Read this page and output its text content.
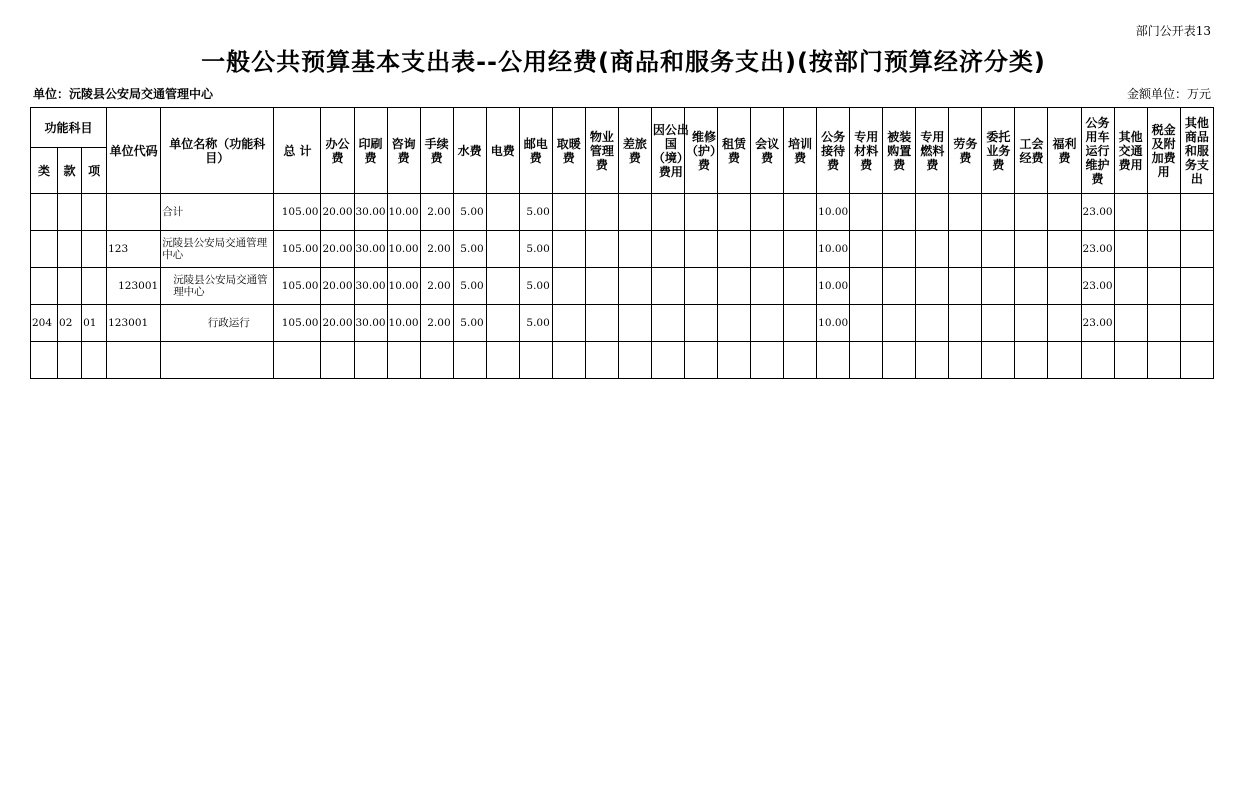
部门公开表13
一般公共预算基本支出表--公用经费(商品和服务支出)(按部门预算经济分类)
单位：沅陵县公安局交通管理中心	金额单位：万元
功能科目			单位代码	单位名称（功能科目）	总 计	办公费	印刷费	咨询费	手续费	水费	电费	邮电费	取暖费	物业管理费	差旅费	因公出国（境）费用	维修（护）费	租赁费	会议费	培训费	公务接待费	专用材料费	被装购置费	专用燃料费	劳务费	委托业务费	工会经费	福利费	公务用车运行维护费	其他交通费用	税金及附加费用	其他商品和服务支出
类	款	项																														
				合计	105.00	20.00	30.00	10.00	2.00	5.00		5.00									10.00								23.00			
			123	沅陵县公安局交通管理中心	105.00	20.00	30.00	10.00	2.00	5.00		5.00									10.00								23.00			
			123001	沅陵县公安局交通管理中心	105.00	20.00	30.00	10.00	2.00	5.00		5.00									10.00								23.00			
204	02	01	123001	行政运行	105.00	20.00	30.00	10.00	2.00	5.00		5.00									10.00								23.00			
